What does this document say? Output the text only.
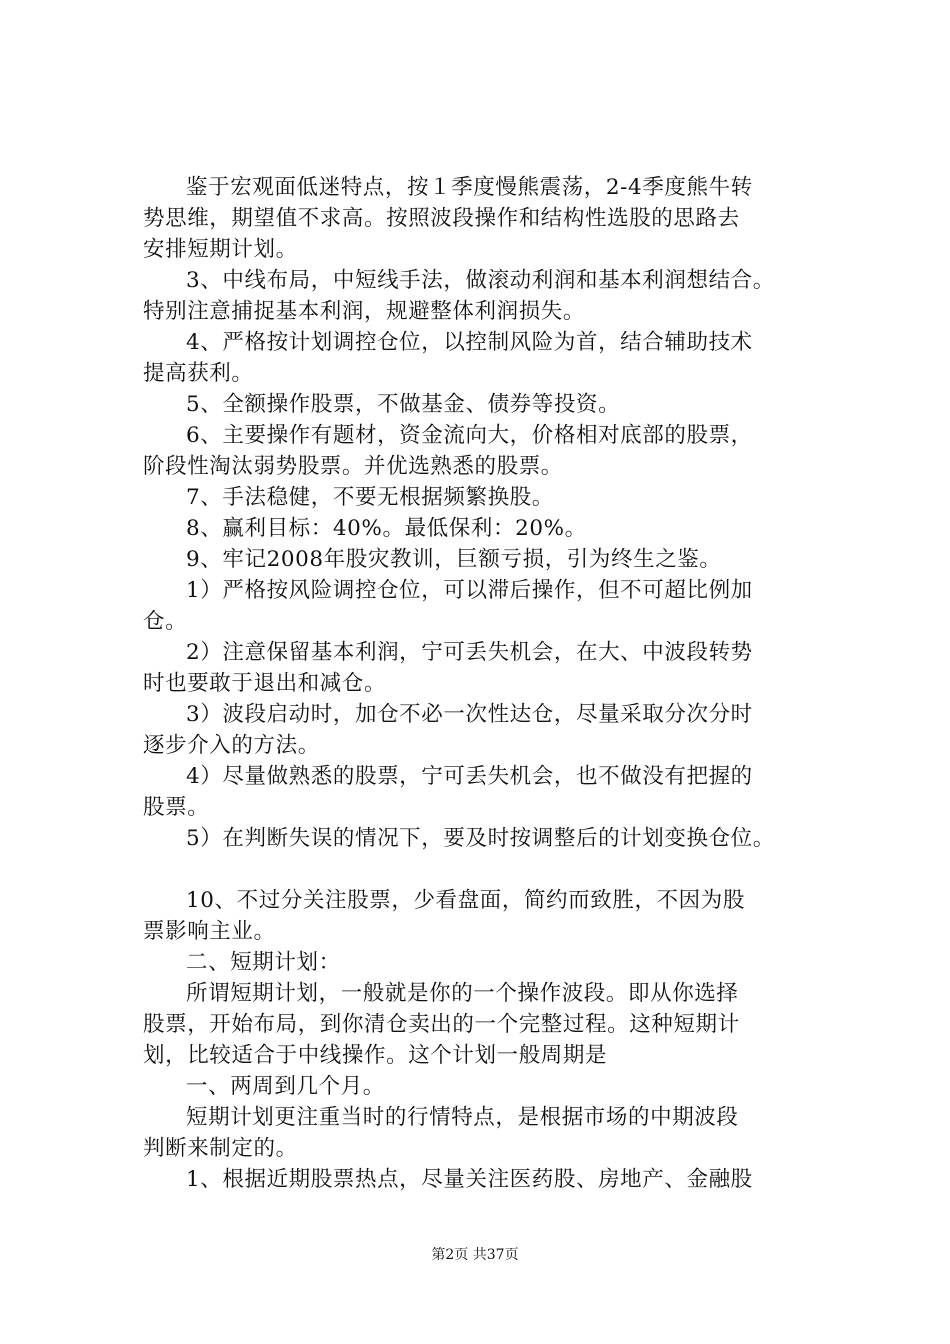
鉴于宏观面低迷特点，按１季度慢熊震荡，2-4季度熊牛转
势思维，期望值不求高。按照波段操作和结构性选股的思路去
安排短期计划。
3、中线布局，中短线手法，做滚动利润和基本利润想结合。
特别注意捕捉基本利润，规避整体利润损失。
4、严格按计划调控仓位，以控制风险为首，结合辅助技术
提高获利。
5、全额操作股票，不做基金、债券等投资。
6、主要操作有题材，资金流向大，价格相对底部的股票，
阶段性淘汰弱势股票。并优选熟悉的股票。
7、手法稳健，不要无根据频繁换股。
8、赢利目标：40%。最低保利：20%。
9、牢记2008年股灾教训，巨额亏损，引为终生之鉴。
1）严格按风险调控仓位，可以滞后操作，但不可超比例加
仓。
2）注意保留基本利润，宁可丢失机会，在大、中波段转势
时也要敢于退出和减仓。
3）波段启动时，加仓不必一次性达仓，尽量采取分次分时
逐步介入的方法。
4）尽量做熟悉的股票，宁可丢失机会，也不做没有把握的
股票。
5）在判断失误的情况下，要及时按调整后的计划变换仓位。
10、不过分关注股票，少看盘面，简约而致胜，不因为股
票影响主业。
二、短期计划：
所谓短期计划，一般就是你的一个操作波段。即从你选择
股票，开始布局，到你清仓卖出的一个完整过程。这种短期计
划，比较适合于中线操作。这个计划一般周期是
一、两周到几个月。
短期计划更注重当时的行情特点，是根据市场的中期波段
判断来制定的。
1、根据近期股票热点，尽量关注医药股、房地产、金融股
第2页 共37页
